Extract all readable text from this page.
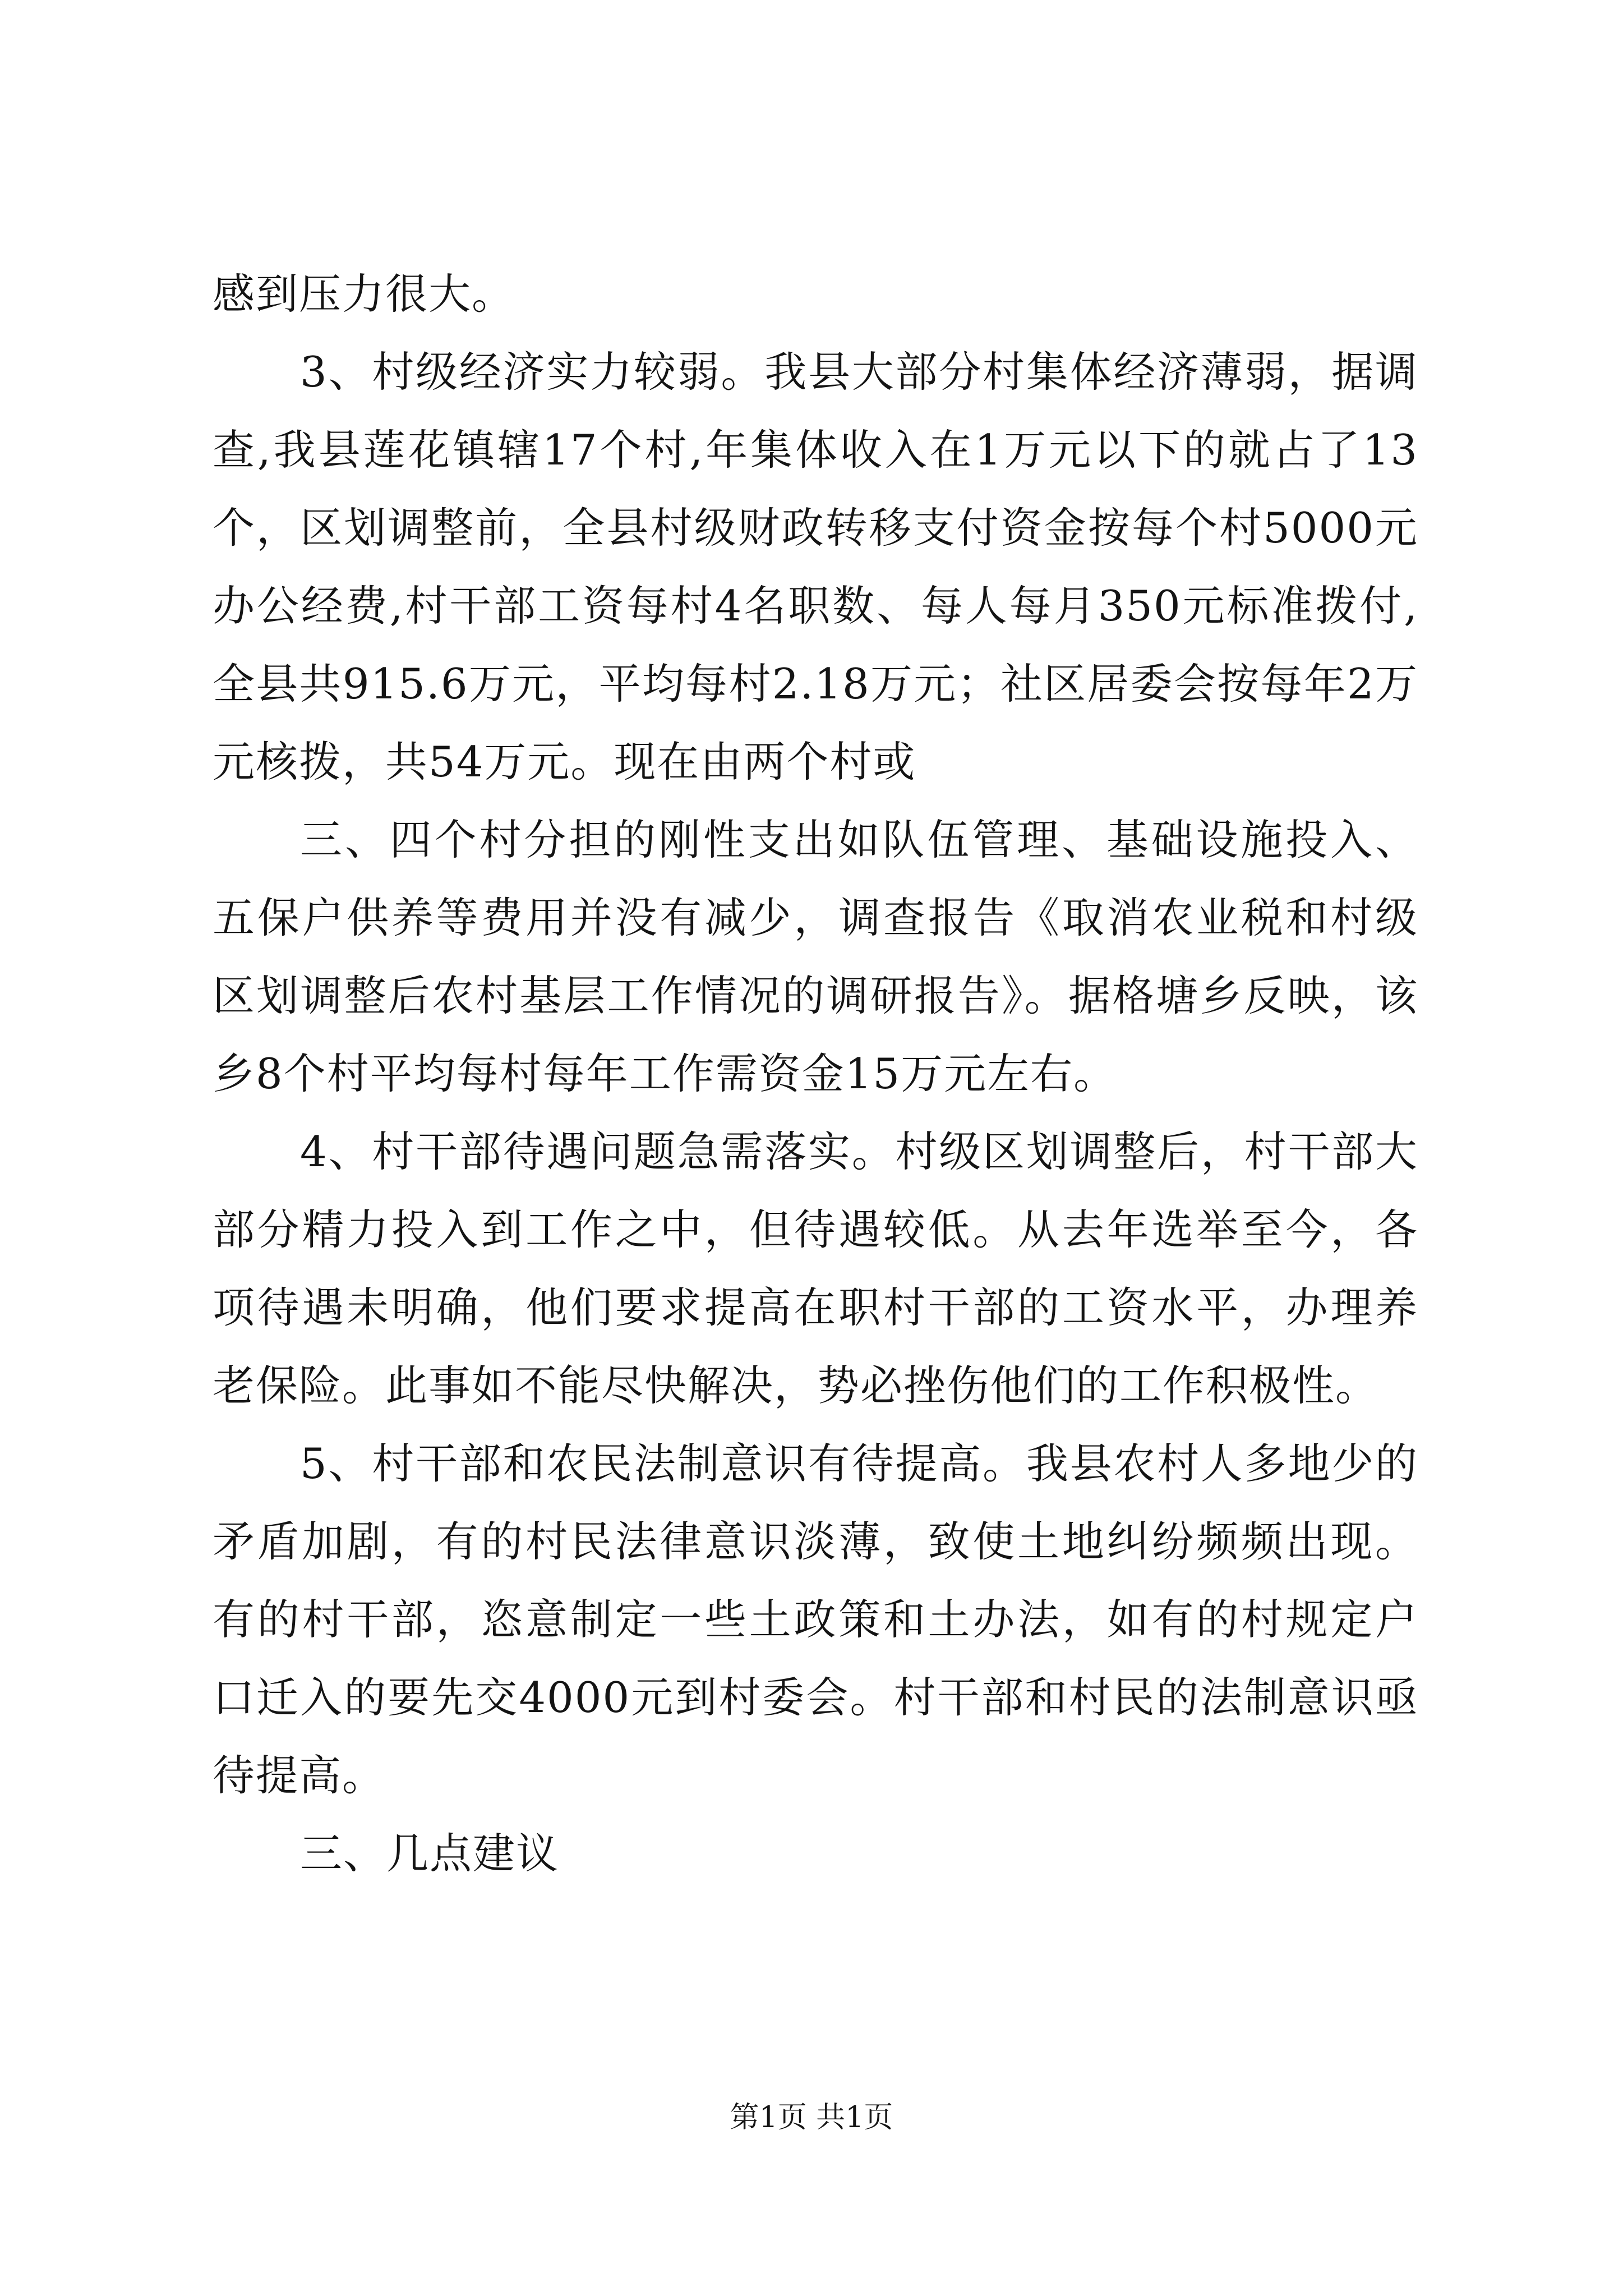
感到压力很大。

3、村级经济实力较弱。我县大部分村集体经济薄弱，据调查,我县莲花镇辖17个村,年集体收入在1万元以下的就占了13个，区划调整前，全县村级财政转移支付资金按每个村5000元办公经费,村干部工资每村4名职数、每人每月350元标准拨付,全县共915.6万元，平均每村2.18万元；社区居委会按每年2万元核拨，共54万元。现在由两个村或

三、四个村分担的刚性支出如队伍管理、基础设施投入、五保户供养等费用并没有减少，调查报告《取消农业税和村级区划调整后农村基层工作情况的调研报告》。据格塘乡反映，该乡8个村平均每村每年工作需资金15万元左右。

4、村干部待遇问题急需落实。村级区划调整后，村干部大部分精力投入到工作之中，但待遇较低。从去年选举至今，各项待遇未明确，他们要求提高在职村干部的工资水平，办理养老保险。此事如不能尽快解决，势必挫伤他们的工作积极性。

5、村干部和农民法制意识有待提高。我县农村人多地少的矛盾加剧，有的村民法律意识淡薄，致使土地纠纷频频出现。有的村干部，恣意制定一些土政策和土办法，如有的村规定户口迁入的要先交4000元到村委会。村干部和村民的法制意识亟待提高。

三、几点建议

第1页 共1页
